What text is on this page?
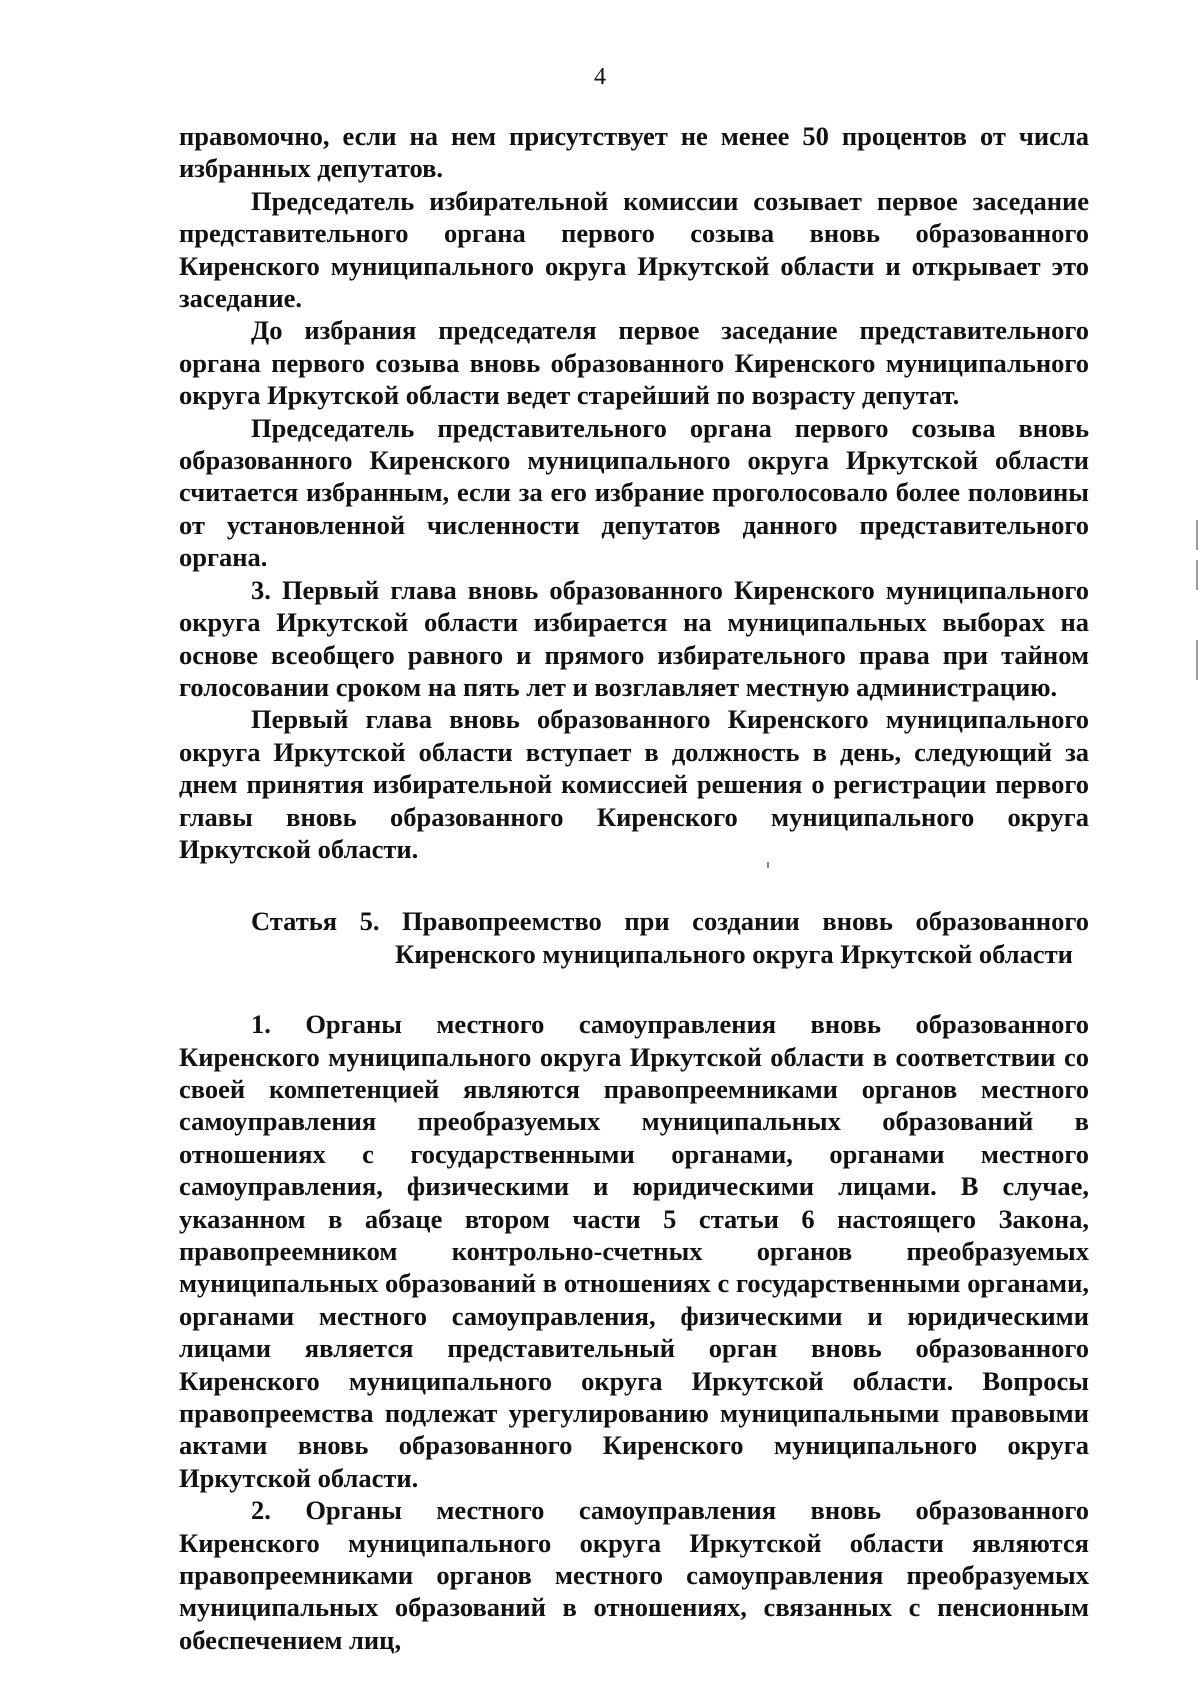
4

правомочно, если на нем присутствует не менее 50 процентов от числа избранных депутатов.

Председатель избирательной комиссии созывает первое заседание представительного органа первого созыва вновь образованного Киренского муниципального округа Иркутской области и открывает это заседание.

До избрания председателя первое заседание представительного органа первого созыва вновь образованного Киренского муниципального округа Иркутской области ведет старейший по возрасту депутат.

Председатель представительного органа первого созыва вновь образованного Киренского муниципального округа Иркутской области считается избранным, если за его избрание проголосовало более половины от установленной численности депутатов данного представительного органа.

3. Первый глава вновь образованного Киренского муниципального округа Иркутской области избирается на муниципальных выборах на основе всеобщего равного и прямого избирательного права при тайном голосовании сроком на пять лет и возглавляет местную администрацию.

Первый глава вновь образованного Киренского муниципального округа Иркутской области вступает в должность в день, следующий за днем принятия избирательной комиссией решения о регистрации первого главы вновь образованного Киренского муниципального округа Иркутской области.

Статья 5. Правопреемство при создании вновь образованного
Киренского муниципального округа Иркутской области

1. Органы местного самоуправления вновь образованного Киренского муниципального округа Иркутской области в соответствии со своей компетенцией являются правопреемниками органов местного самоуправления преобразуемых муниципальных образований в отношениях с государственными органами, органами местного самоуправления, физическими и юридическими лицами. В случае, указанном в абзаце втором части 5 статьи 6 настоящего Закона, правопреемником контрольно-счетных органов преобразуемых муниципальных образований в отношениях с государственными органами, органами местного самоуправления, физическими и юридическими лицами является представительный орган вновь образованного Киренского муниципального округа Иркутской области. Вопросы правопреемства подлежат урегулированию муниципальными правовыми актами вновь образованного Киренского муниципального округа Иркутской области.

2. Органы местного самоуправления вновь образованного Киренского муниципального округа Иркутской области являются правопреемниками органов местного самоуправления преобразуемых муниципальных образований в отношениях, связанных с пенсионным обеспечением лиц,
